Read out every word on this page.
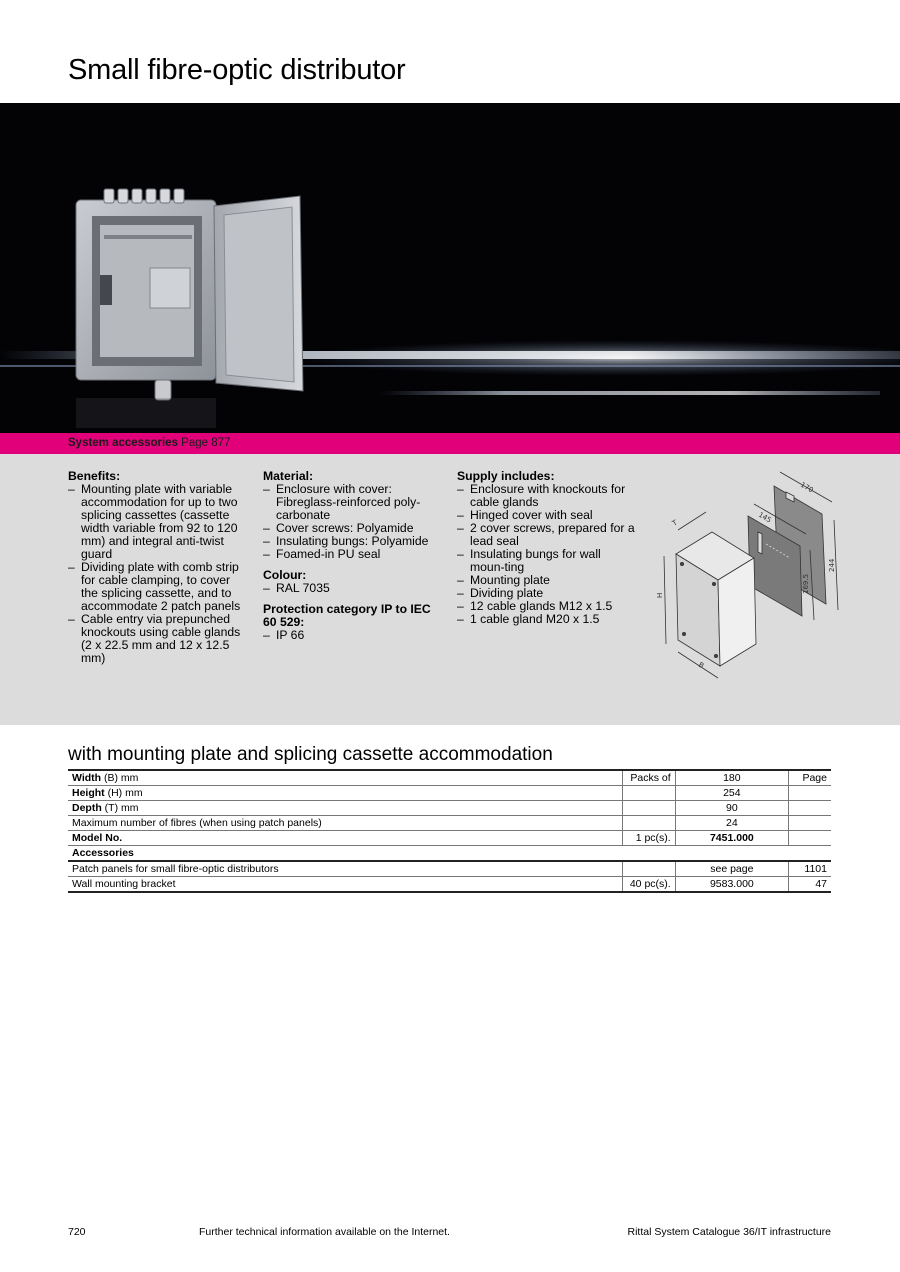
Small fibre-optic distributor
System accessories Page 877
Benefits:
– Mounting plate with variable accommodation for up to two splicing cassettes (cassette width variable from 92 to 120 mm) and integral anti-twist guard
– Dividing plate with comb strip for cable clamping, to cover the splicing cassette, and to accommodate 2 patch panels
– Cable entry via prepunched knockouts using cable glands (2 x 22.5 mm and 12 x 12.5 mm)
Material:
– Enclosure with cover: Fibreglass-reinforced poly-carbonate
– Cover screws: Polyamide
– Insulating bungs: Polyamide
– Foamed-in PU seal
Colour:
– RAL 7035
Protection category IP to IEC 60 529:
– IP 66
Supply includes:
– Enclosure with knockouts for cable glands
– Hinged cover with seal
– 2 cover screws, prepared for a lead seal
– Insulating bungs for wall moun-ting
– Mounting plate
– Dividing plate
– 12 cable glands M12 x 1.5
– 1 cable gland M20 x 1.5
170
145
244
169.5
H
T
B
with mounting plate and splicing cassette accommodation
Width (B) mm	Packs of	180	Page
Height (H) mm		254	
Depth (T) mm		90	
Maximum number of fibres (when using patch panels)		24	
Model No.	1 pc(s).	7451.000	
Accessories			
Patch panels for small fibre-optic distributors		see page	1101
Wall mounting bracket	40 pc(s).	9583.000	47
720	Further technical information available on the Internet.	Rittal System Catalogue 36/IT infrastructure
